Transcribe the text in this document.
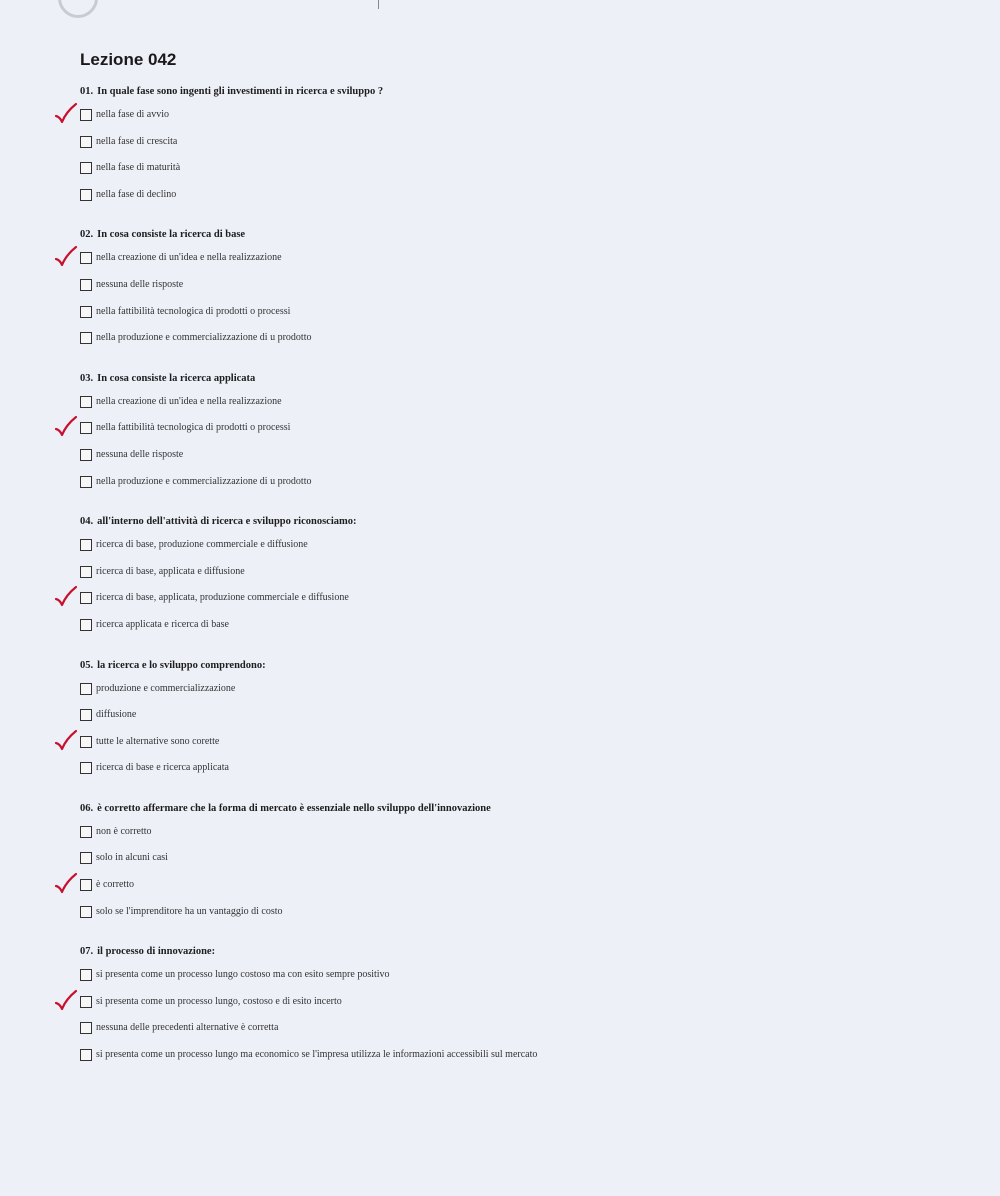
Lezione 042
01. In quale fase sono ingenti gli investimenti in ricerca e sviluppo ?
nella fase di avvio
nella fase di crescita
nella fase di maturità
nella fase di declino
02. In cosa consiste la ricerca di base
nella creazione di un'idea e nella realizzazione
nessuna delle risposte
nella fattibilità tecnologica di prodotti o processi
nella produzione e commercializzazione di u prodotto
03. In cosa consiste la ricerca applicata
nella creazione di un'idea e nella realizzazione
nella fattibilità tecnologica di prodotti o processi
nessuna delle risposte
nella produzione e commercializzazione di u prodotto
04. all'interno dell'attività di ricerca e sviluppo riconosciamo:
ricerca di base, produzione commerciale e diffusione
ricerca di base, applicata e diffusione
ricerca di base, applicata, produzione commerciale e diffusione
ricerca applicata e ricerca di base
05. la ricerca e lo sviluppo comprendono:
produzione e commercializzazione
diffusione
tutte le alternative sono corette
ricerca di base e ricerca applicata
06. è corretto affermare che la forma di mercato è essenziale nello sviluppo dell'innovazione
non è corretto
solo in alcuni casi
è corretto
solo se l'imprenditore ha un vantaggio di costo
07. il processo di innovazione:
si presenta come un processo lungo costoso ma con esito sempre positivo
si presenta come un processo lungo, costoso e di esito incerto
nessuna delle precedenti alternative è corretta
si presenta come un processo lungo ma economico se l'impresa utilizza le informazioni accessibili sul mercato
